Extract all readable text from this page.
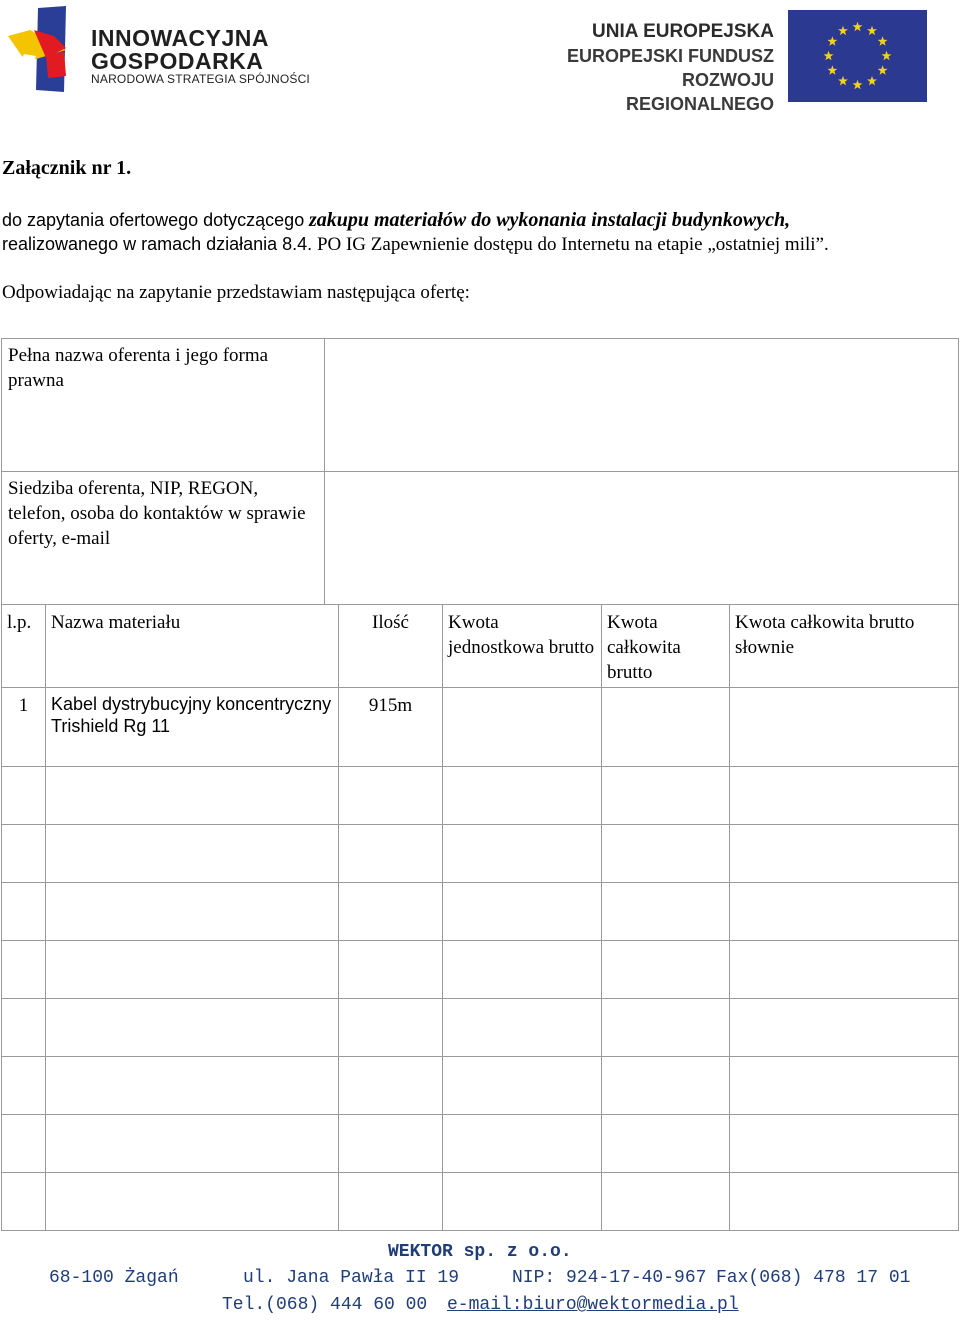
INNOWACYJNA
GOSPODARKA
NARODOWA STRATEGIA SPÓJNOŚCI
UNIA EUROPEJSKA
EUROPEJSKI FUNDUSZ
ROZWOJU REGIONALNEGO
Załącznik nr 1.
do zapytania ofertowego dotyczącego zakupu materiałów do wykonania instalacji budynkowych,
realizowanego w ramach działania 8.4. PO IG Zapewnienie dostępu do Internetu na etapie „ostatniej mili”.
Odpowiadając na zapytanie przedstawiam następująca ofertę:
Pełna nazwa oferenta i jego forma prawna	
Siedziba oferenta, NIP, REGON, telefon, osoba do kontaktów w sprawie oferty, e-mail	
l.p.	Nazwa materiału	Ilość	Kwota jednostkowa brutto	Kwota całkowita brutto	Kwota całkowita brutto słownie
1	Kabel dystrybucyjny koncentryczny Trishield Rg 11	915m			

WEKTOR sp. z o.o.
68-100 Żagań	ul. Jana Pawła II 19	NIP: 924-17-40-967 Fax(068) 478 17 01
Tel.(068) 444 60 00 e-mail:biuro@wektormedia.pl
